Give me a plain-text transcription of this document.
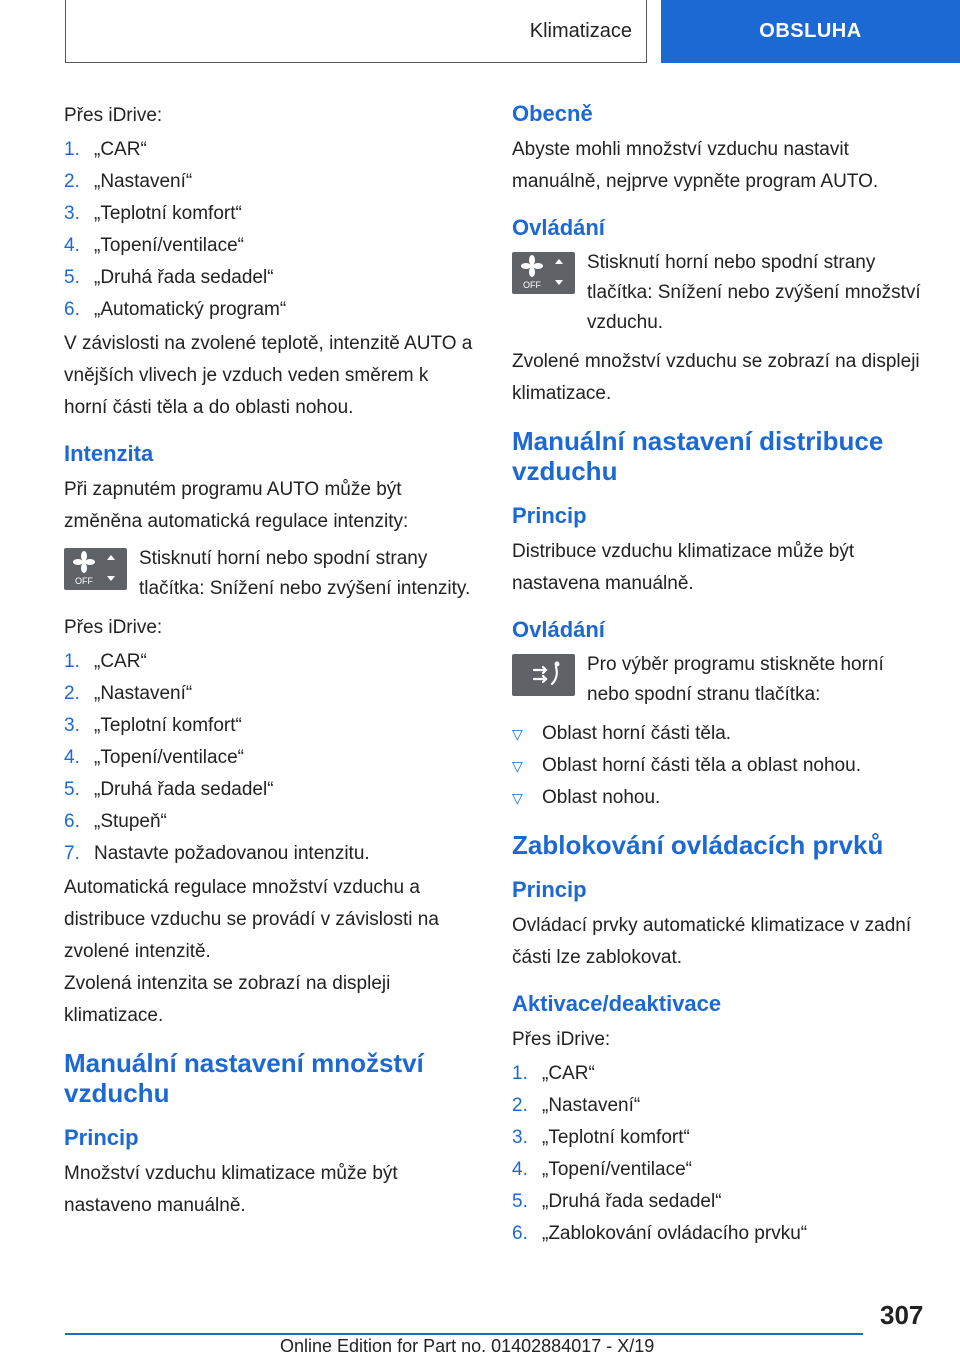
Klimatizace	OBSLUHA

Přes iDrive:

1. „CAR“
2. „Nastavení“
3. „Teplotní komfort“
4. „Topení/ventilace“
5. „Druhá řada sedadel“
6. „Automatický program“

V závislosti na zvolené teplotě, intenzitě AUTO a vnějších vlivech je vzduch veden směrem k horní části těla a do oblasti nohou.

Intenzita

Při zapnutém programu AUTO může být změněna automatická regulace intenzity:

OFF
Stisknutí horní nebo spodní strany tlačítka: Snížení nebo zvýšení intenzity.

Přes iDrive:

1. „CAR“
2. „Nastavení“
3. „Teplotní komfort“
4. „Topení/ventilace“
5. „Druhá řada sedadel“
6. „Stupeň“
7. Nastavte požadovanou intenzitu.

Automatická regulace množství vzduchu a distribuce vzduchu se provádí v závislosti na zvolené intenzitě.

Zvolená intenzita se zobrazí na displeji klimatizace.

Manuální nastavení množství vzduchu
Princip

Množství vzduchu klimatizace může být nastaveno manuálně.

Obecně

Abyste mohli množství vzduchu nastavit manuálně, nejprve vypněte program AUTO.

Ovládání
OFF
Stisknutí horní nebo spodní strany tlačítka: Snížení nebo zvýšení množství vzduchu.

Zvolené množství vzduchu se zobrazí na displeji klimatizace.

Manuální nastavení distribuce vzduchu
Princip

Distribuce vzduchu klimatizace může být nastavena manuálně.

Ovládání
Pro výběr programu stiskněte horní nebo spodní stranu tlačítka:
▽	Oblast horní části těla.
▽	Oblast horní části těla a oblast nohou.
▽	Oblast nohou.
Zablokování ovládacích prvků
Princip

Ovládací prvky automatické klimatizace v zadní části lze zablokovat.

Aktivace/deaktivace

Přes iDrive:

1. „CAR“
2. „Nastavení“
3. „Teplotní komfort“
4. „Topení/ventilace“
5. „Druhá řada sedadel“
6. „Zablokování ovládacího prvku“
307
Online Edition for Part no. 01402884017 - X/19
